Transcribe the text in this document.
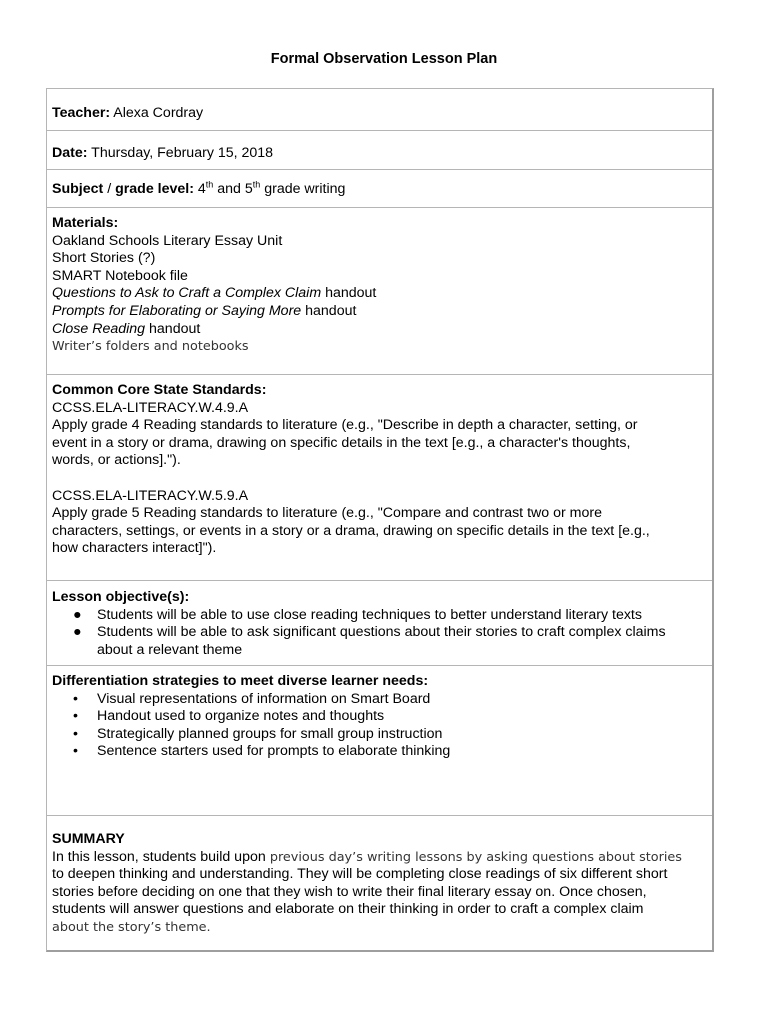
Formal Observation Lesson Plan
Teacher: Alexa Cordray
Date: Thursday, February 15, 2018
Subject / grade level: 4th and 5th grade writing
Materials:
Oakland Schools Literary Essay Unit
Short Stories (?)
SMART Notebook file
Questions to Ask to Craft a Complex Claim handout
Prompts for Elaborating or Saying More handout
Close Reading handout
Writer’s folders and notebooks
Common Core State Standards:
CCSS.ELA-LITERACY.W.4.9.A
Apply grade 4 Reading standards to literature (e.g., "Describe in depth a character, setting, or
event in a story or drama, drawing on specific details in the text [e.g., a character's thoughts,
words, or actions].").
CCSS.ELA-LITERACY.W.5.9.A
Apply grade 5 Reading standards to literature (e.g., "Compare and contrast two or more
characters, settings, or events in a story or a drama, drawing on specific details in the text [e.g.,
how characters interact]").
Lesson objective(s):
● Students will be able to use close reading techniques to better understand literary texts
● Students will be able to ask significant questions about their stories to craft complex claims
about a relevant theme
Differentiation strategies to meet diverse learner needs:
• Visual representations of information on Smart Board
• Handout used to organize notes and thoughts
• Strategically planned groups for small group instruction
• Sentence starters used for prompts to elaborate thinking
SUMMARY
In this lesson, students build upon previous day’s writing lessons by asking questions about stories
to deepen thinking and understanding. They will be completing close readings of six different short
stories before deciding on one that they wish to write their final literary essay on. Once chosen,
students will answer questions and elaborate on their thinking in order to craft a complex claim
about the story’s theme.
